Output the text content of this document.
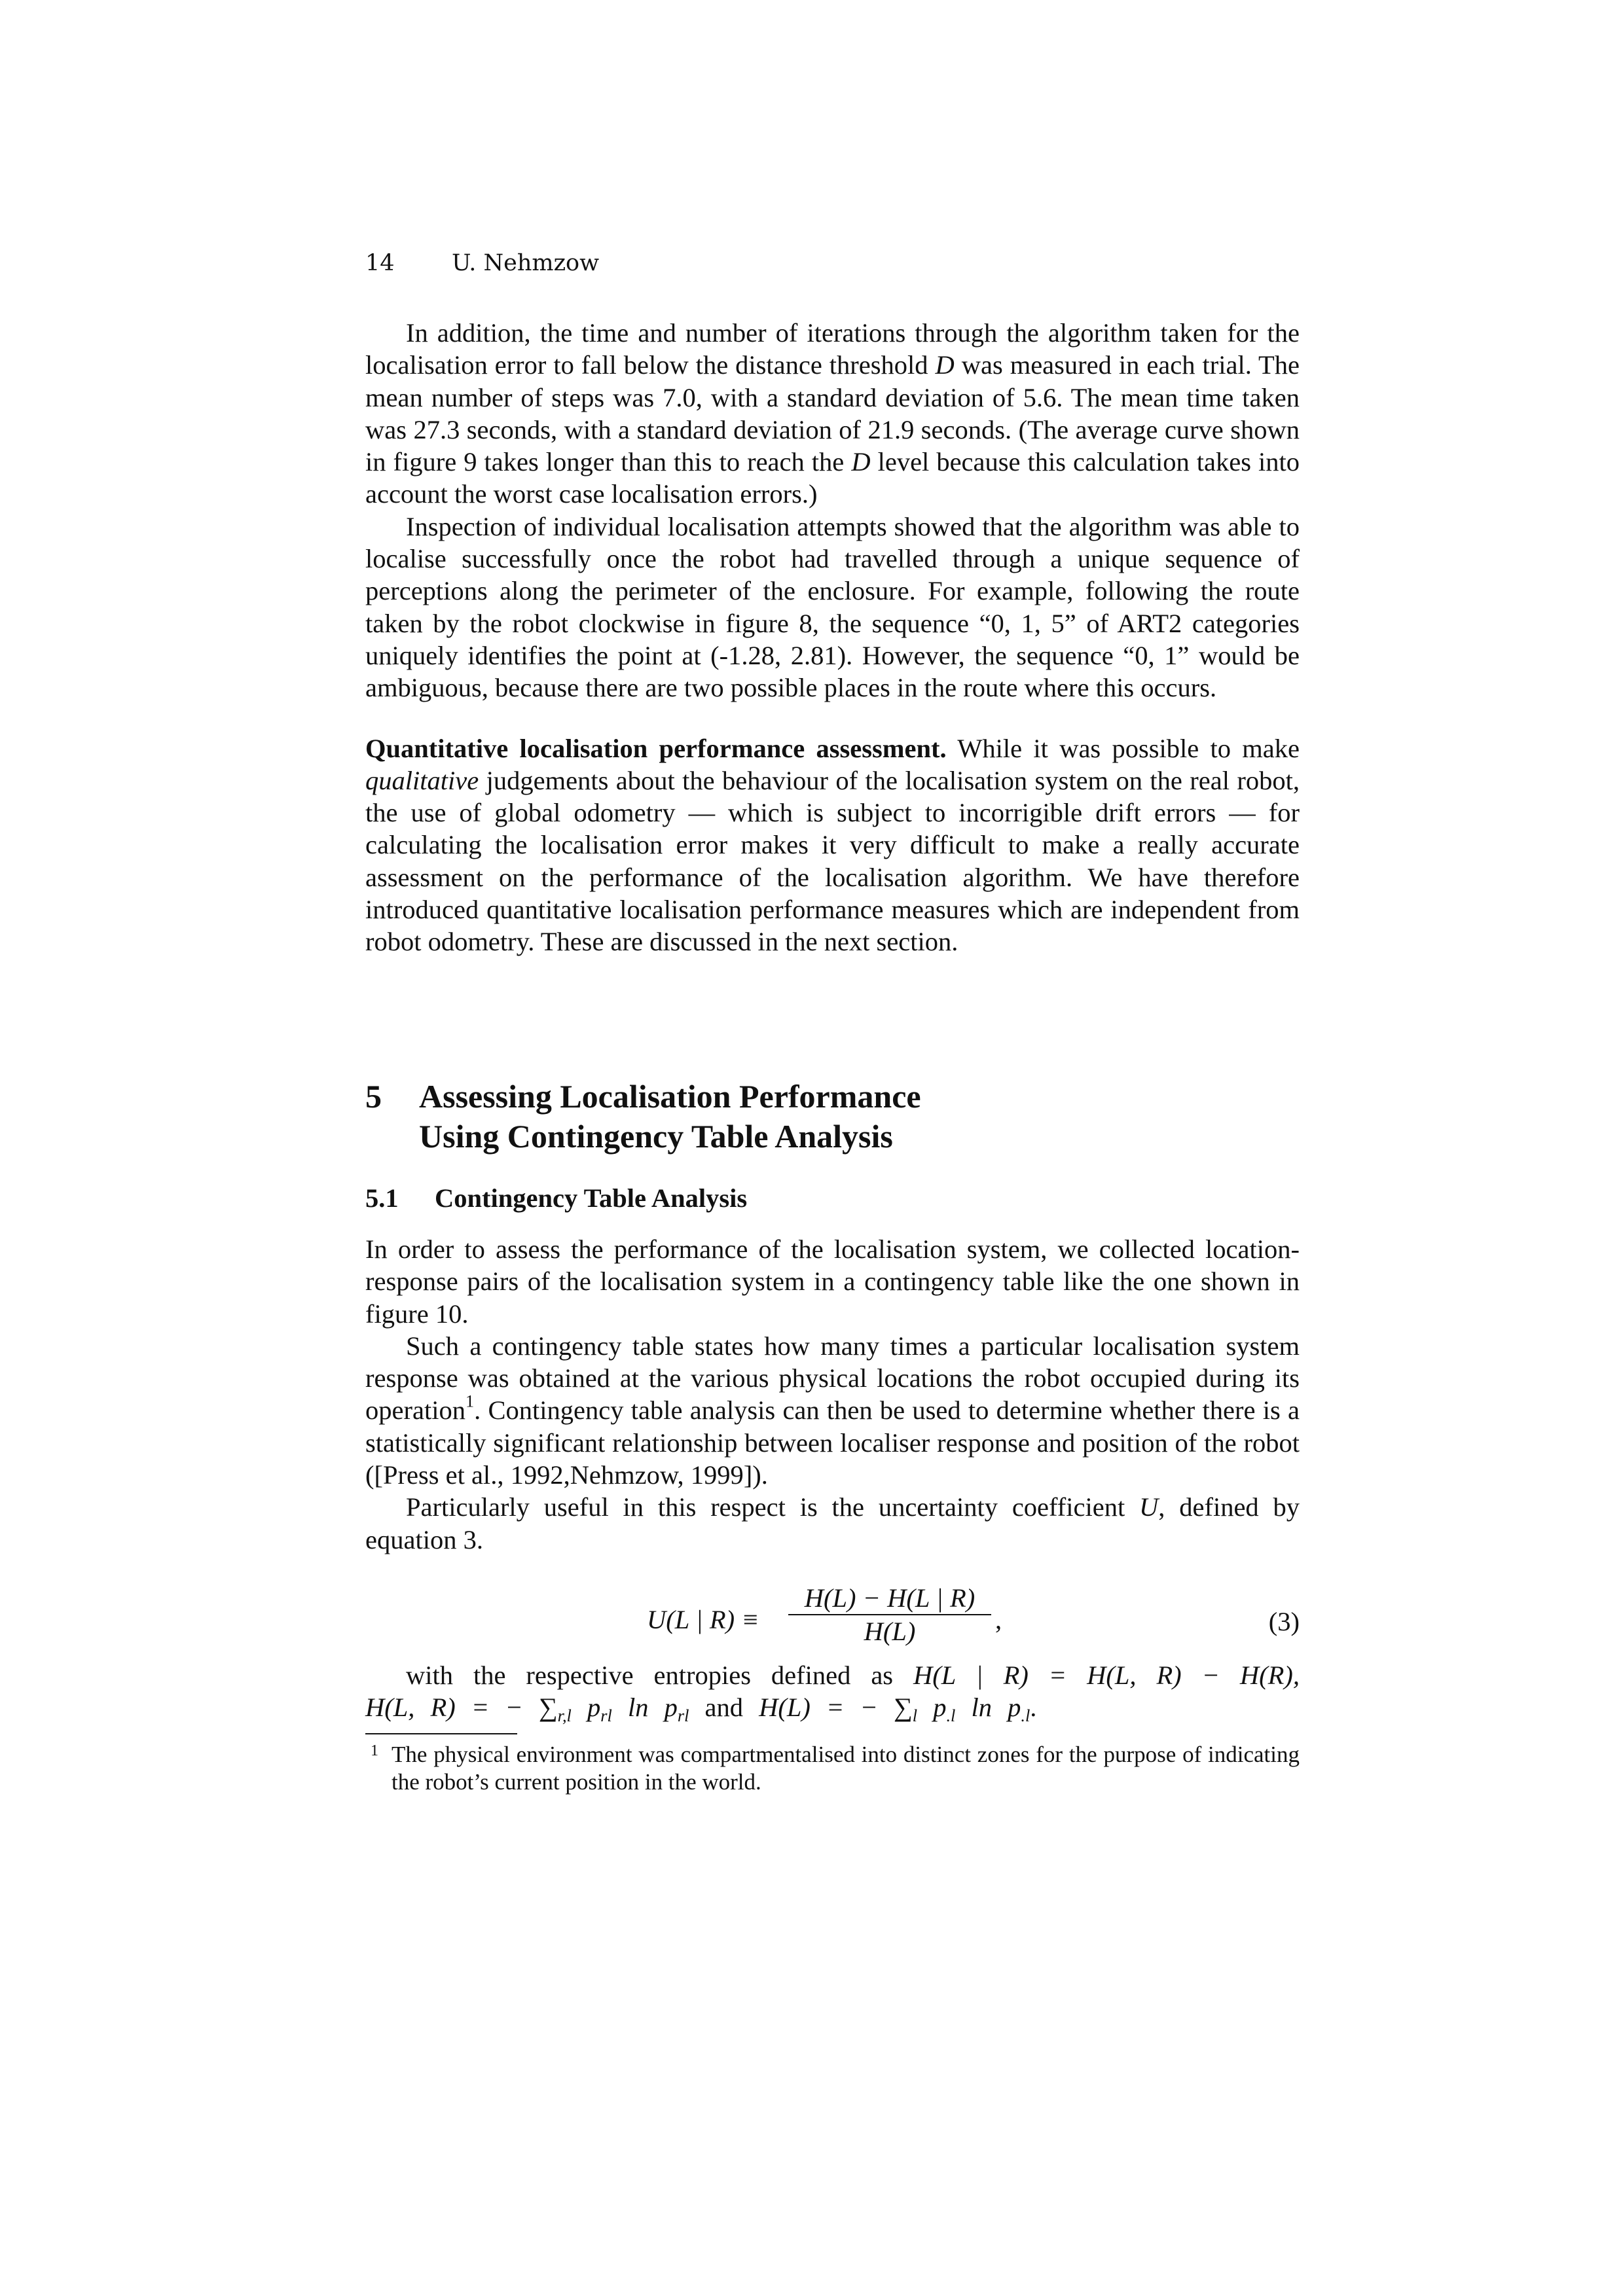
14 U. Nehmzow

In addition, the time and number of iterations through the algorithm taken for the localisation error to fall below the distance threshold D was measured in each trial. The mean number of steps was 7.0, with a standard deviation of 5.6. The mean time taken was 27.3 seconds, with a standard deviation of 21.9 seconds. (The average curve shown in figure 9 takes longer than this to reach the D level because this calculation takes into account the worst case localisation errors.)

Inspection of individual localisation attempts showed that the algorithm was able to localise successfully once the robot had travelled through a unique sequence of perceptions along the perimeter of the enclosure. For example, following the route taken by the robot clockwise in figure 8, the sequence “0, 1, 5” of ART2 categories uniquely identifies the point at (-1.28, 2.81). However, the sequence “0, 1” would be ambiguous, because there are two possible places in the route where this occurs.

Quantitative localisation performance assessment. While it was possible to make qualitative judgements about the behaviour of the localisation system on the real robot, the use of global odometry — which is subject to incorrigible drift errors — for calculating the localisation error makes it very difficult to make a really accurate assessment on the performance of the localisation algorithm. We have therefore introduced quantitative localisation performance measures which are independent from robot odometry. These are discussed in the next section.

5 Assessing Localisation Performance
Using Contingency Table Analysis
5.1 Contingency Table Analysis

In order to assess the performance of the localisation system, we collected location-response pairs of the localisation system in a contingency table like the one shown in figure 10.

Such a contingency table states how many times a particular localisation system response was obtained at the various physical locations the robot occupied during its operation$^1$. Contingency table analysis can then be used to determine whether there is a statistically significant relationship between localiser response and position of the robot ([Press et al., 1992,Nehmzow, 1999]).

Particularly useful in this respect is the uncertainty coefficient U, defined by equation 3.

U(L | $R) \equiv \frac{H(L) - H(L | R)}{H(L)}$ ,	(3)

with the respective entropies defined as H(L | R) = H(L, R) − H(R), H(L, R) = − $\sum_{r,l}$ $p_{rl}$ $\ln p_{rl}$ and H(L) = − $\sum_l$ $p_{.l}$ $\ln p_{.l}$.

1 The physical environment was compartmentalised into distinct zones for the purpose of indicating the robot’s current position in the world.
